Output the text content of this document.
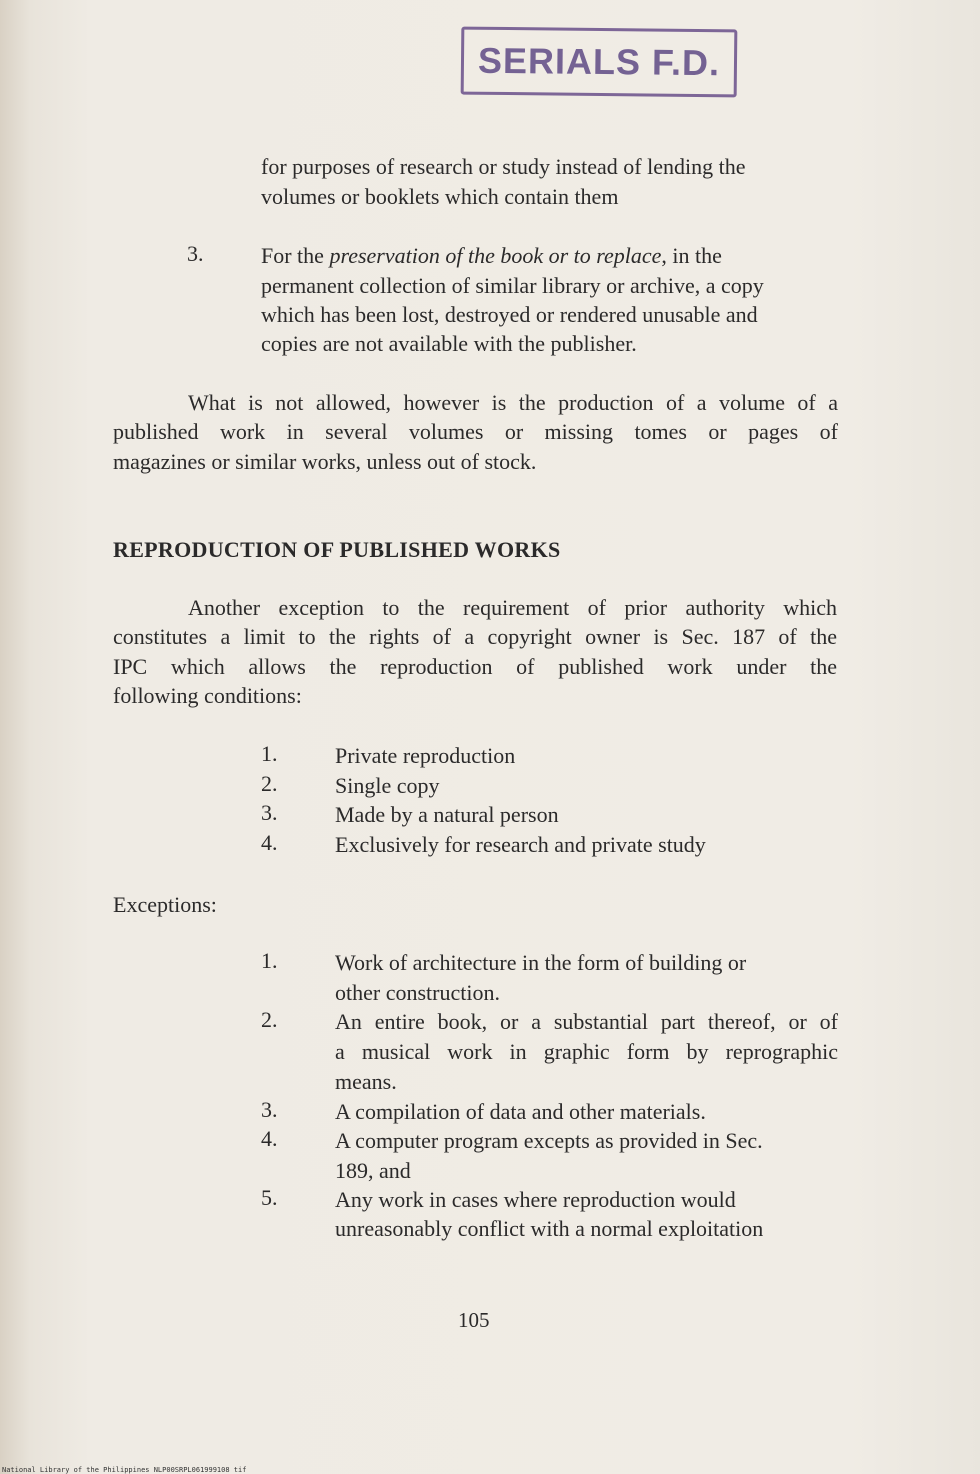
SERIALS F.D.
for purposes of research or study instead of lending the
volumes or booklets which contain them
3.	For the preservation of the book or to replace, in the
permanent collection of similar library or archive, a copy
which has been lost, destroyed or rendered unusable and
copies are not available with the publisher.
What is not allowed, however is the production of a volume of a
published work in several volumes or missing tomes or pages of
magazines or similar works, unless out of stock.
REPRODUCTION OF PUBLISHED WORKS
Another exception to the requirement of prior authority which
constitutes a limit to the rights of a copyright owner is Sec. 187 of the
IPC which allows the reproduction of published work under the
following conditions:
1.	Private reproduction
2.	Single copy
3.	Made by a natural person
4.	Exclusively for research and private study
Exceptions:
1.	Work of architecture in the form of building or
other construction.
2.	An entire book, or a substantial part thereof, or of
a musical work in graphic form by reprographic
means.
3.	A compilation of data and other materials.
4.	A computer program excepts as provided in Sec.
189, and
5.	Any work in cases where reproduction would
unreasonably conflict with a normal exploitation
105
National Library of the Philippines NLP00SRPL061999108 tif
